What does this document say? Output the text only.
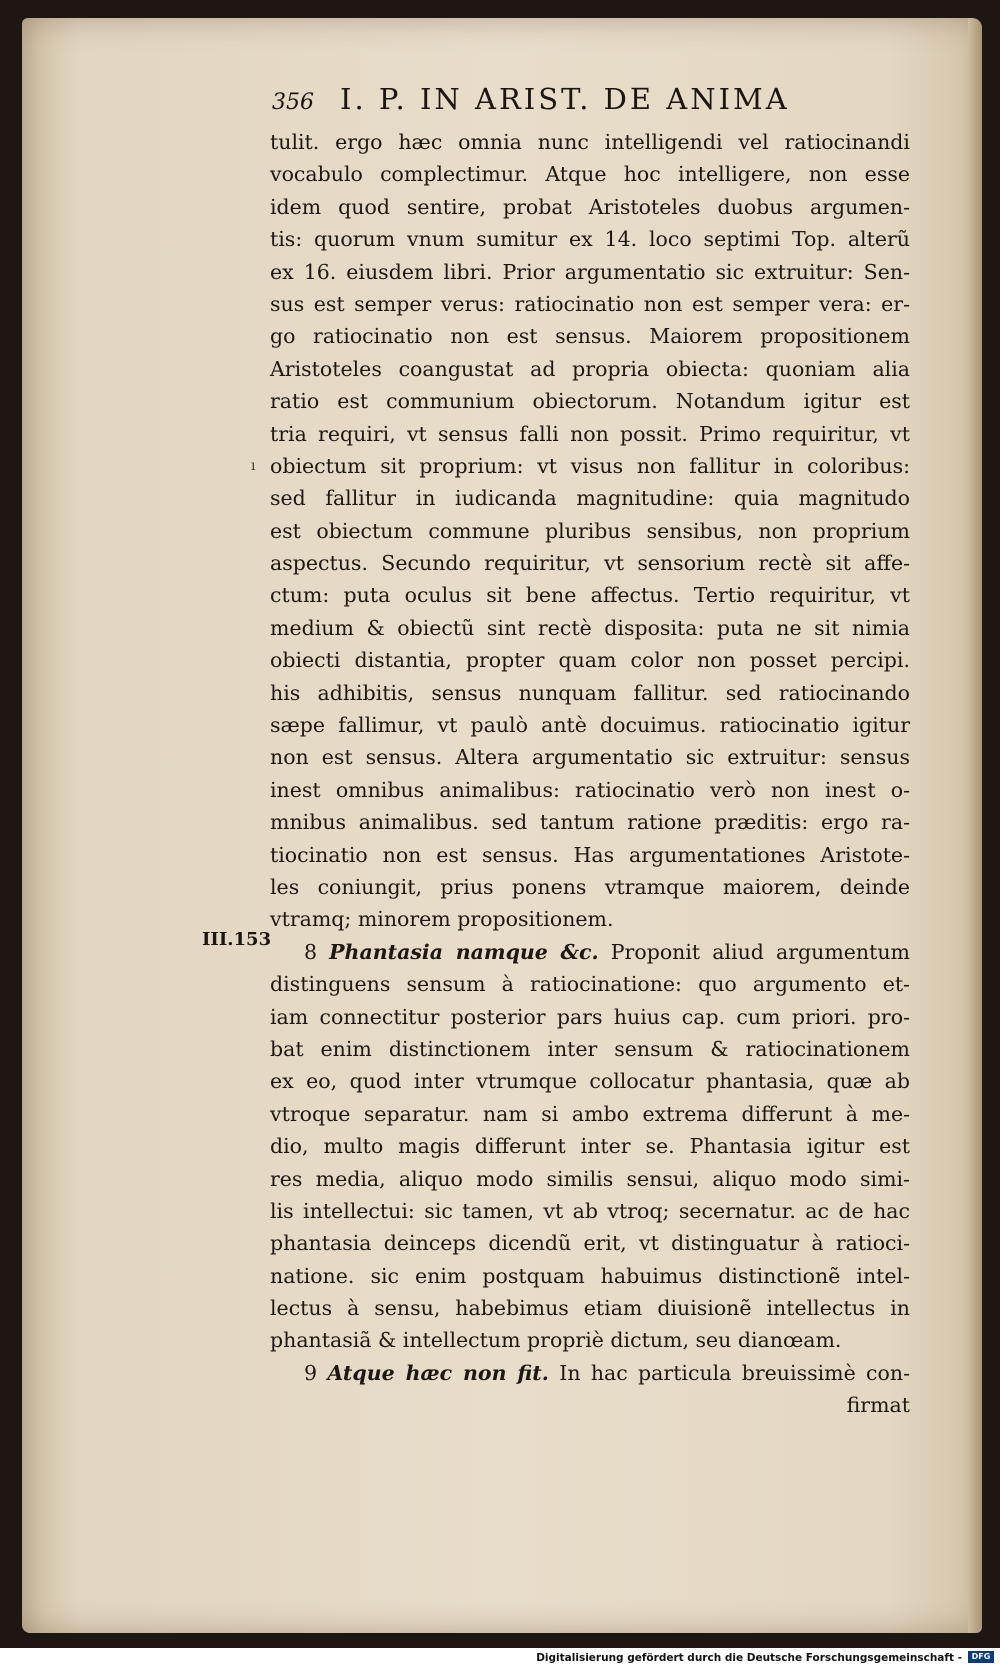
356 I. P. IN ARIST. DE ANIMA
ı
III.153
tulit. ergo hæc omnia nunc intelligendi vel ratiocinandi
vocabulo complectimur. Atque hoc intelligere, non esse
idem quod sentire, probat Aristoteles duobus argumen-
tis: quorum vnum sumitur ex 14. loco septimi Top. alterũ
ex 16. eiusdem libri. Prior argumentatio sic extruitur: Sen-
sus est semper verus: ratiocinatio non est semper vera: er-
go ratiocinatio non est sensus. Maiorem propositionem
Aristoteles coangustat ad propria obiecta: quoniam alia
ratio est communium obiectorum. Notandum igitur est
tria requiri, vt sensus falli non possit. Primo requiritur, vt
obiectum sit proprium: vt visus non fallitur in coloribus:
sed fallitur in iudicanda magnitudine: quia magnitudo
est obiectum commune pluribus sensibus, non proprium
aspectus. Secundo requiritur, vt sensorium rectè sit affe-
ctum: puta oculus sit bene affectus. Tertio requiritur, vt
medium & obiectũ sint rectè disposita: puta ne sit nimia
obiecti distantia, propter quam color non posset percipi.
his adhibitis, sensus nunquam fallitur. sed ratiocinando
sæpe fallimur, vt paulò antè docuimus. ratiocinatio igitur
non est sensus. Altera argumentatio sic extruitur: sensus
inest omnibus animalibus: ratiocinatio verò non inest o-
mnibus animalibus. sed tantum ratione præditis: ergo ra-
tiocinatio non est sensus. Has argumentationes Aristote-
les coniungit, prius ponens vtramque maiorem, deinde
vtramq; minorem propositionem.
8 Phantasia namque &c. Proponit aliud argumentum
distinguens sensum à ratiocinatione: quo argumento et-
iam connectitur posterior pars huius cap. cum priori. pro-
bat enim distinctionem inter sensum & ratiocinationem
ex eo, quod inter vtrumque collocatur phantasia, quæ ab
vtroque separatur. nam si ambo extrema differunt à me-
dio, multo magis differunt inter se. Phantasia igitur est
res media, aliquo modo similis sensui, aliquo modo simi-
lis intellectui: sic tamen, vt ab vtroq; secernatur. ac de hac
phantasia deinceps dicendũ erit, vt distinguatur à ratioci-
natione. sic enim postquam habuimus distinctionẽ intel-
lectus à sensu, habebimus etiam diuisionẽ intellectus in
phantasiã & intellectum propriè dictum, seu dianœam.
9 Atque hæc non fit. In hac particula breuissimè con-
firmat
Digitalisierung gefördert durch die Deutsche Forschungsgemeinschaft -	DFG
